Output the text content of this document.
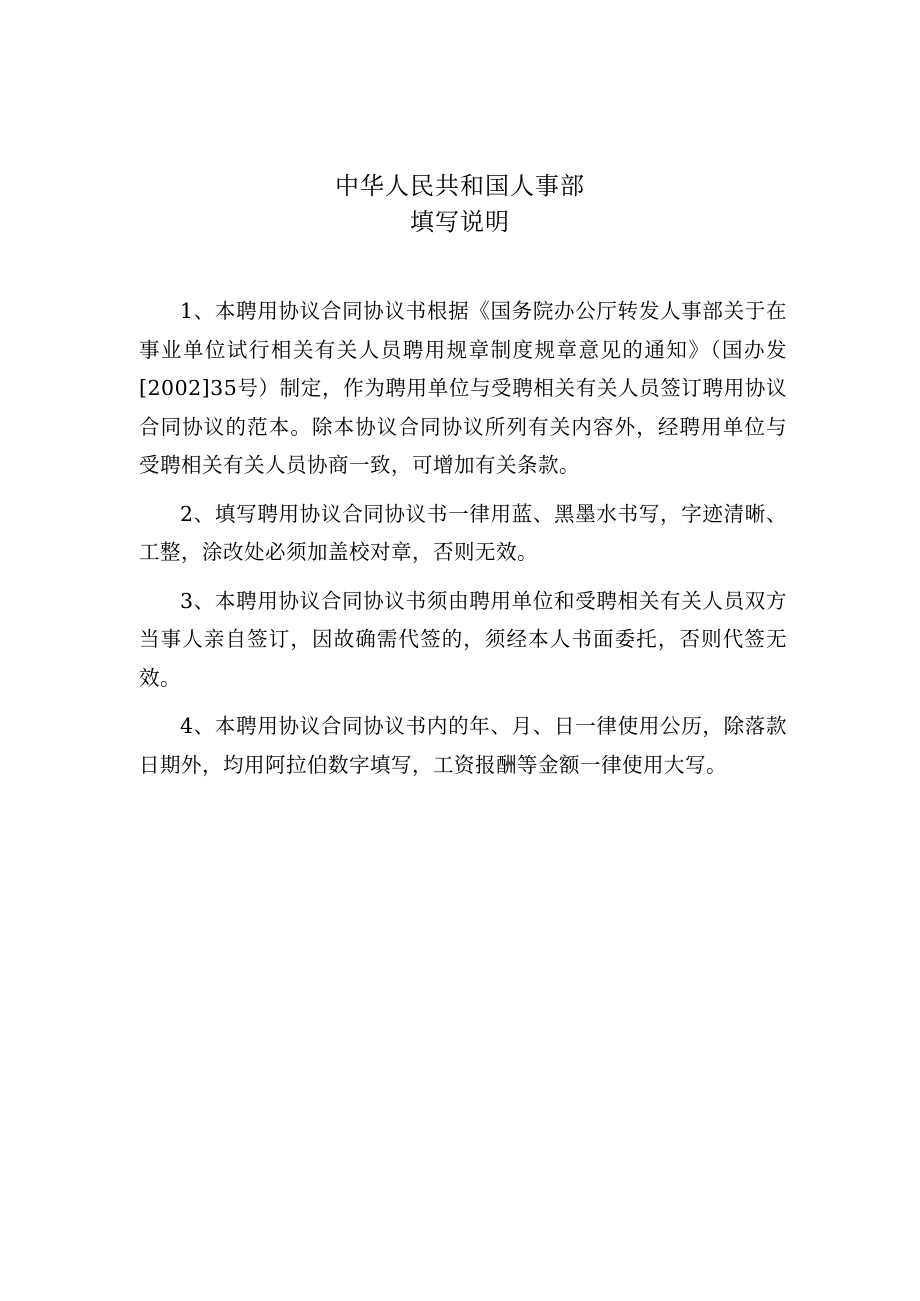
中华人民共和国人事部
填写说明

1、本聘用协议合同协议书根据《国务院办公厅转发人事部关于在事业单位试行相关有关人员聘用规章制度规章意见的通知》（国办发[2002]35号）制定，作为聘用单位与受聘相关有关人员签订聘用协议合同协议的范本。除本协议合同协议所列有关内容外，经聘用单位与受聘相关有关人员协商一致，可增加有关条款。

2、填写聘用协议合同协议书一律用蓝、黑墨水书写，字迹清晰、工整，涂改处必须加盖校对章，否则无效。

3、本聘用协议合同协议书须由聘用单位和受聘相关有关人员双方当事人亲自签订，因故确需代签的，须经本人书面委托，否则代签无效。

4、本聘用协议合同协议书内的年、月、日一律使用公历，除落款日期外，均用阿拉伯数字填写，工资报酬等金额一律使用大写。
